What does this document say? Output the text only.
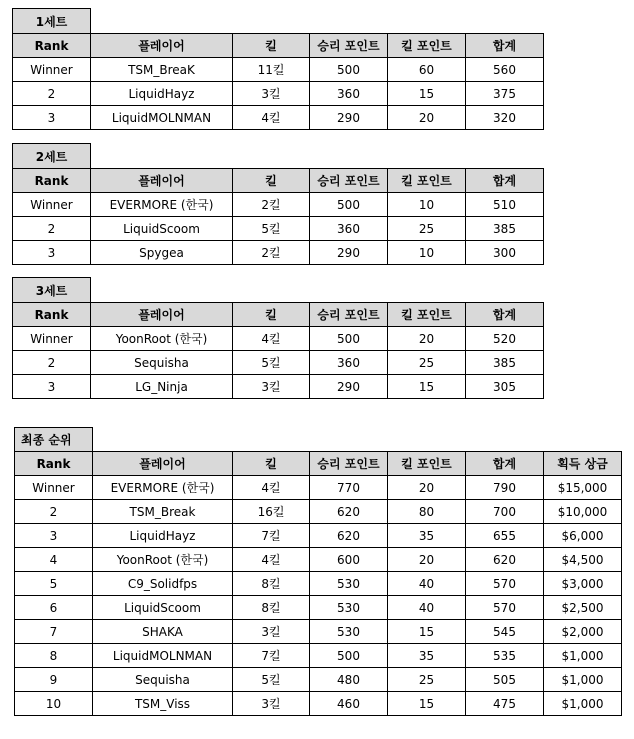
1세트					
Rank	플레이어	킬	승리 포인트	킬 포인트	합계
Winner	TSM_BreaK	11킬	500	60	560
2	LiquidHayz	3킬	360	15	375
3	LiquidMOLNMAN	4킬	290	20	320
2세트					
Rank	플레이어	킬	승리 포인트	킬 포인트	합계
Winner	EVERMORE (한국)	2킬	500	10	510
2	LiquidScoom	5킬	360	25	385
3	Spygea	2킬	290	10	300
3세트					
Rank	플레이어	킬	승리 포인트	킬 포인트	합계
Winner	YoonRoot (한국)	4킬	500	20	520
2	Sequisha	5킬	360	25	385
3	LG_Ninja	3킬	290	15	305
최종 순위						
Rank	플레이어	킬	승리 포인트	킬 포인트	합계	획득 상금
Winner	EVERMORE (한국)	4킬	770	20	790	$15,000
2	TSM_Break	16킬	620	80	700	$10,000
3	LiquidHayz	7킬	620	35	655	$6,000
4	YoonRoot (한국)	4킬	600	20	620	$4,500
5	C9_Solidfps	8킬	530	40	570	$3,000
6	LiquidScoom	8킬	530	40	570	$2,500
7	SHAKA	3킬	530	15	545	$2,000
8	LiquidMOLNMAN	7킬	500	35	535	$1,000
9	Sequisha	5킬	480	25	505	$1,000
10	TSM_Viss	3킬	460	15	475	$1,000
